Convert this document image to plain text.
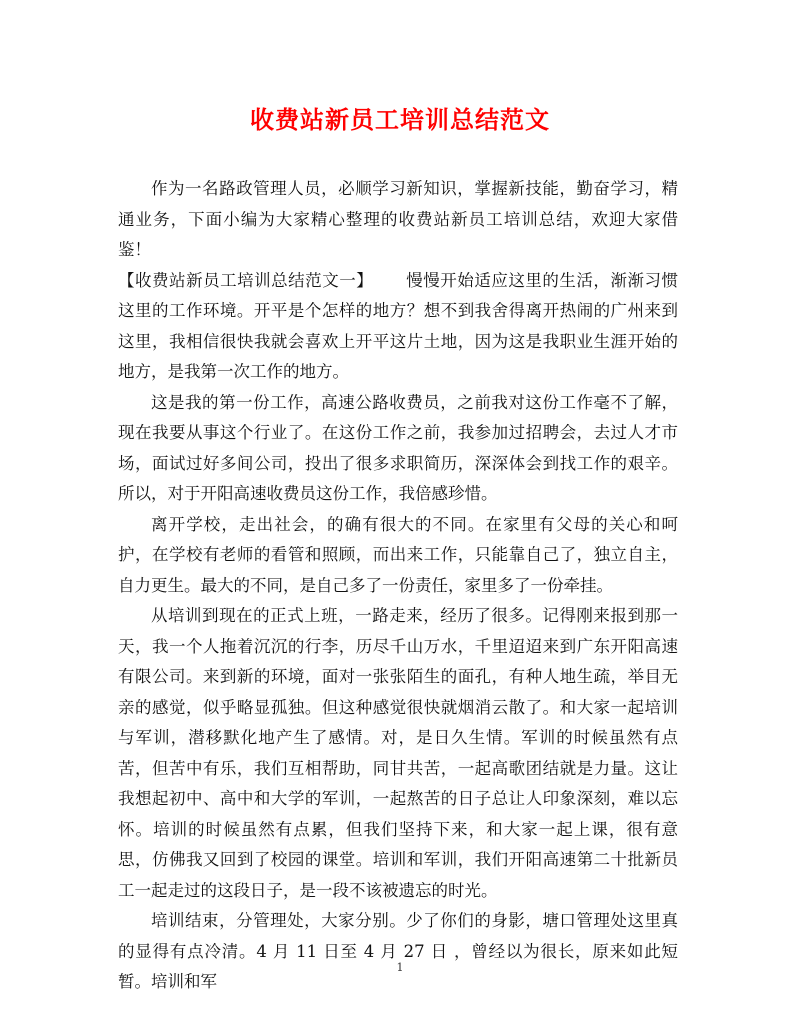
收费站新员工培训总结范文

作为一名路政管理人员，必顺学习新知识，掌握新技能，勤奋学习，精通业务，下面小编为大家精心整理的收费站新员工培训总结，欢迎大家借鉴！

【收费站新员工培训总结范文一】 慢慢开始适应这里的生活，渐渐习惯这里的工作环境。开平是个怎样的地方？想不到我舍得离开热闹的广州来到这里，我相信很快我就会喜欢上开平这片土地，因为这是我职业生涯开始的地方，是我第一次工作的地方。

这是我的第一份工作，高速公路收费员，之前我对这份工作毫不了解，现在我要从事这个行业了。在这份工作之前，我参加过招聘会，去过人才市场，面试过好多间公司，投出了很多求职简历，深深体会到找工作的艰辛。所以，对于开阳高速收费员这份工作，我倍感珍惜。

离开学校，走出社会，的确有很大的不同。在家里有父母的关心和呵护，在学校有老师的看管和照顾，而出来工作，只能靠自己了，独立自主，自力更生。最大的不同，是自己多了一份责任，家里多了一份牵挂。

从培训到现在的正式上班，一路走来，经历了很多。记得刚来报到那一天，我一个人拖着沉沉的行李，历尽千山万水，千里迢迢来到广东开阳高速有限公司。来到新的环境，面对一张张陌生的面孔，有种人地生疏，举目无亲的感觉，似乎略显孤独。但这种感觉很快就烟消云散了。和大家一起培训与军训，潜移默化地产生了感情。对，是日久生情。军训的时候虽然有点苦，但苦中有乐，我们互相帮助，同甘共苦，一起高歌团结就是力量。这让我想起初中、高中和大学的军训，一起熬苦的日子总让人印象深刻，难以忘怀。培训的时候虽然有点累，但我们坚持下来，和大家一起上课，很有意思，仿佛我又回到了校园的课堂。培训和军训，我们开阳高速第二十批新员工一起走过的这段日子，是一段不该被遗忘的时光。

培训结束，分管理处，大家分别。少了你们的身影，塘口管理处这里真的显得有点冷清。4 月 11 日至 4 月 27 日 ，曾经以为很长，原来如此短暂。培训和军

1
